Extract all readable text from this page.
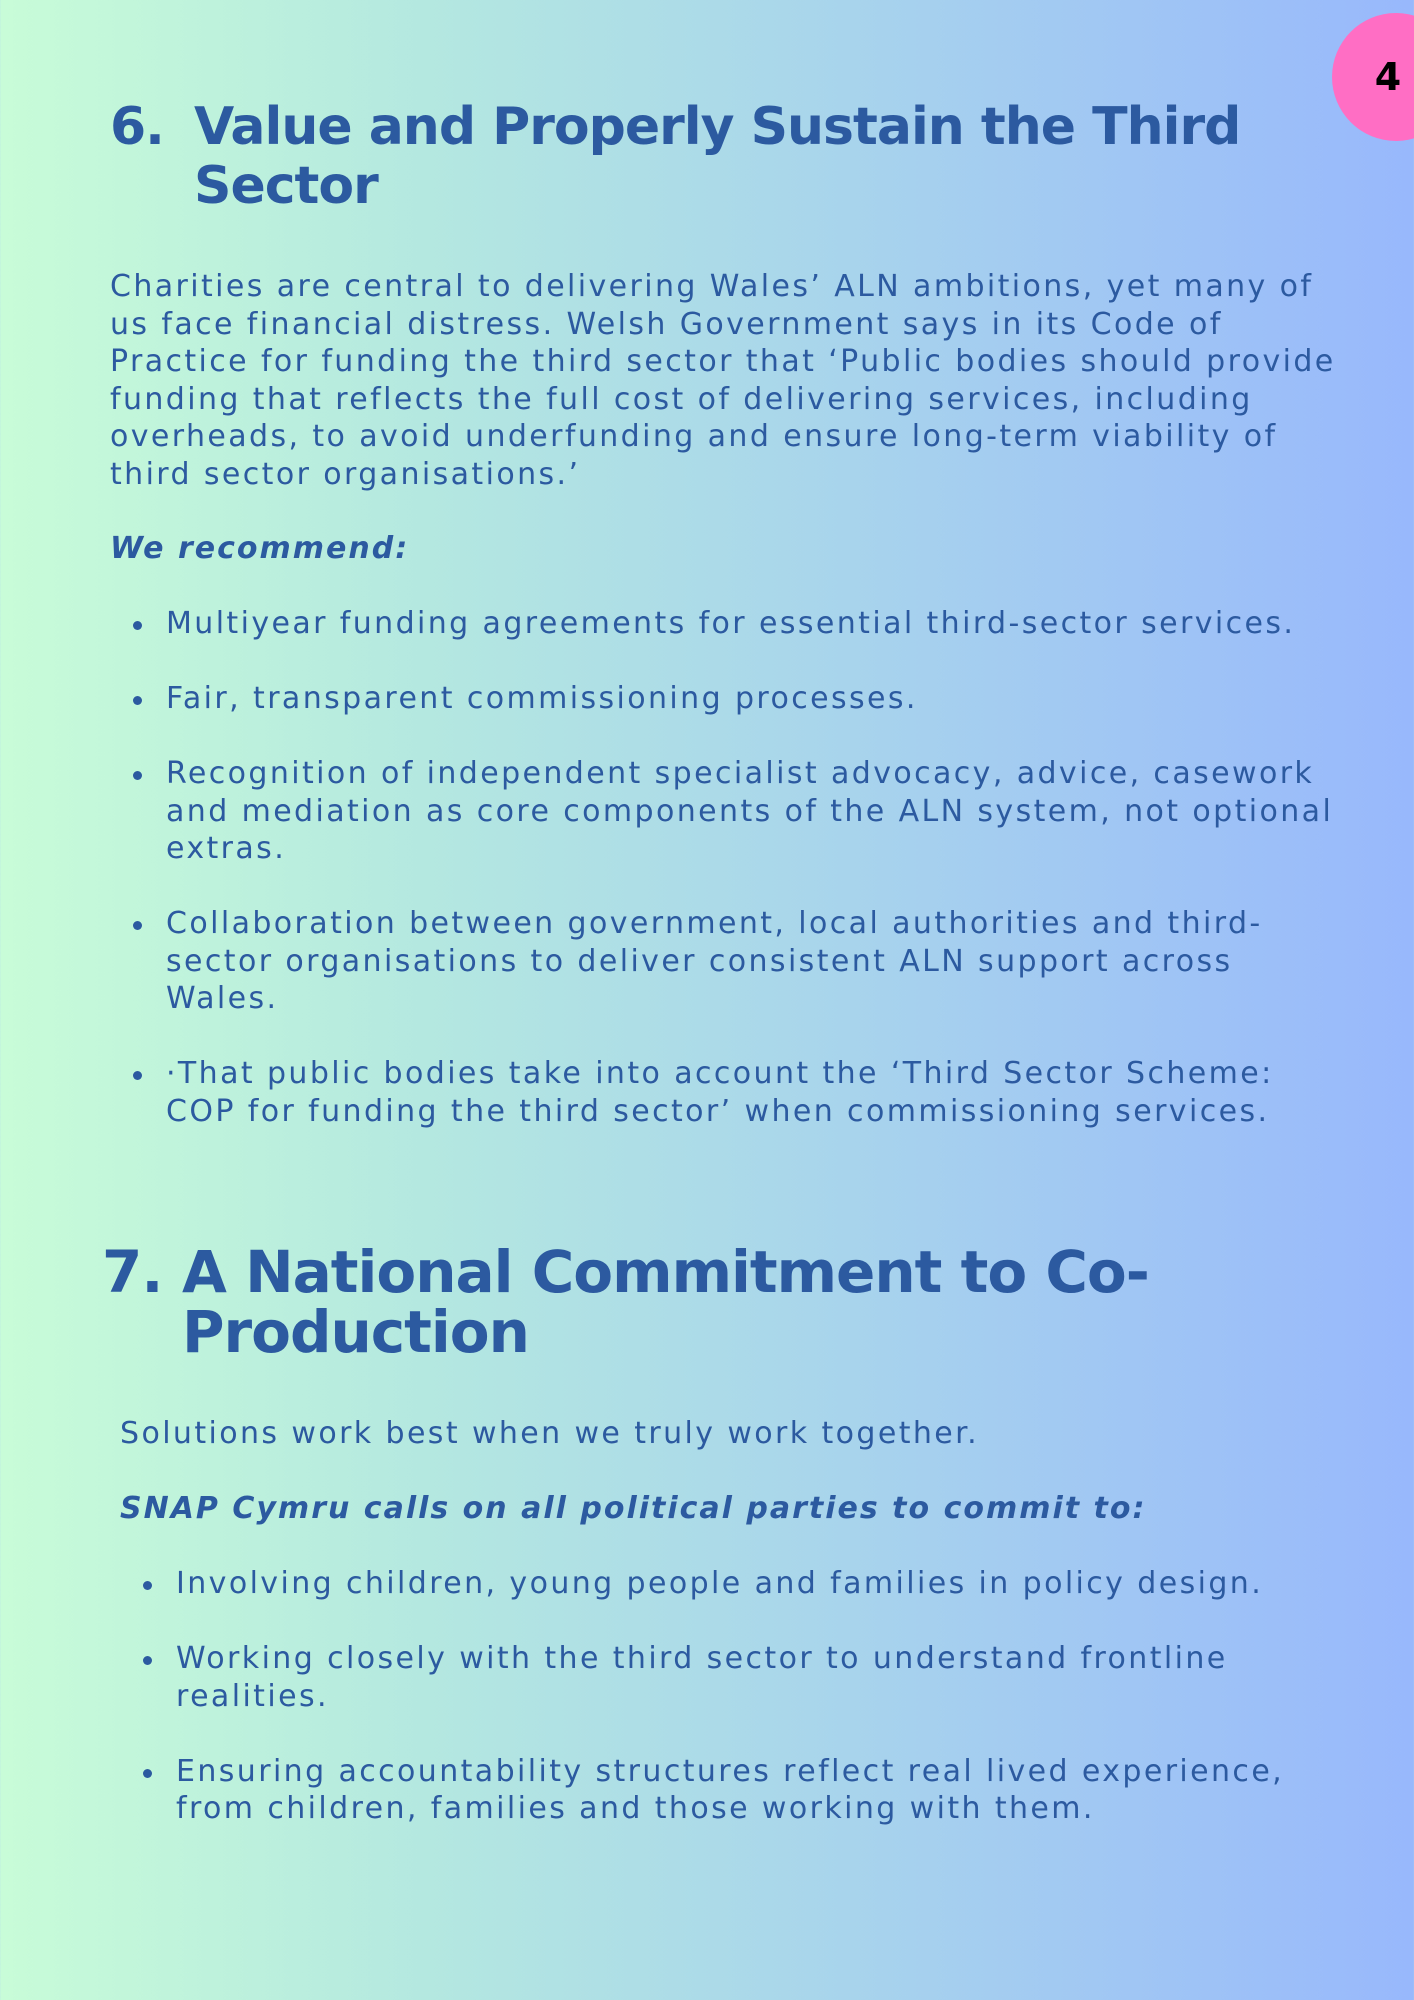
4
6. Value and Properly Sustain the Third Sector

Charities are central to delivering Wales’ ALN ambitions, yet many of us face financial distress. Welsh Government says in its Code of Practice for funding the third sector that ‘Public bodies should provide funding that reflects the full cost of delivering services, including overheads, to avoid underfunding and ensure long-term viability of third sector organisations.’

We recommend:

Multiyear funding agreements for essential third-sector services.
Fair, transparent commissioning processes.
Recognition of independent specialist advocacy, advice, casework and mediation as core components of the ALN system, not optional extras.
Collaboration between government, local authorities and third-sector organisations to deliver consistent ALN support across Wales.
·That public bodies take into account the ‘Third Sector Scheme: COP for funding the third sector’ when commissioning services.
7. A National Commitment to Co-Production

Solutions work best when we truly work together.

SNAP Cymru calls on all political parties to commit to:

Involving children, young people and families in policy design.
Working closely with the third sector to understand frontline realities.
Ensuring accountability structures reflect real lived experience, from children, families and those working with them.
